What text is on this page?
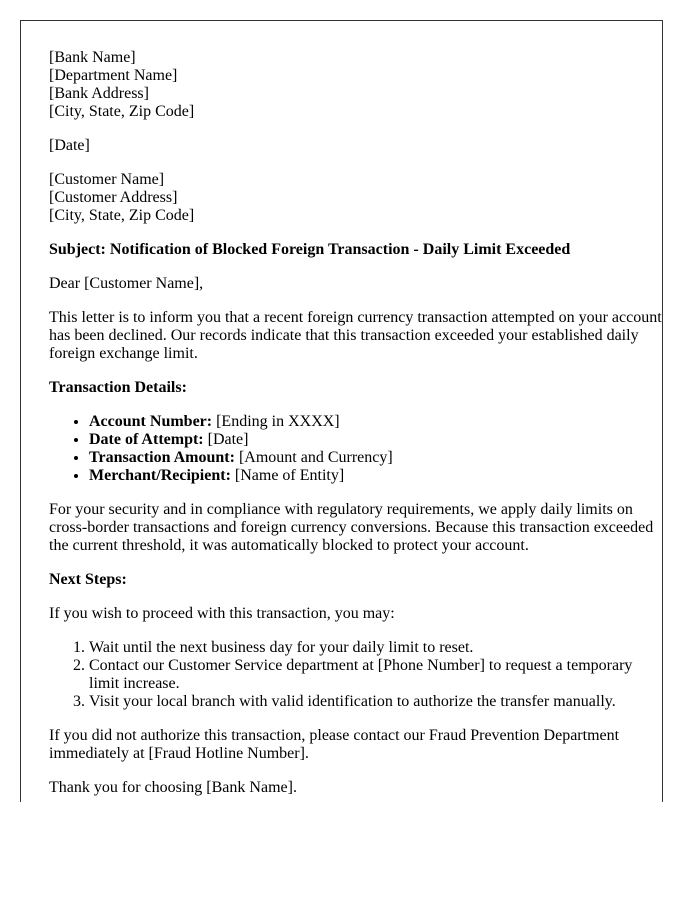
[Bank Name]
[Department Name]
[Bank Address]
[City, State, Zip Code]

[Date]

[Customer Name]
[Customer Address]
[City, State, Zip Code]

Subject: Notification of Blocked Foreign Transaction - Daily Limit Exceeded

Dear [Customer Name],

This letter is to inform you that a recent foreign currency transaction attempted on your account has been declined. Our records indicate that this transaction exceeded your established daily foreign exchange limit.

Transaction Details:

• Account Number: [Ending in XXXX]
• Date of Attempt: [Date]
• Transaction Amount: [Amount and Currency]
• Merchant/Recipient: [Name of Entity]

For your security and in compliance with regulatory requirements, we apply daily limits on cross-border transactions and foreign currency conversions. Because this transaction exceeded the current threshold, it was automatically blocked to protect your account.

Next Steps:

If you wish to proceed with this transaction, you may:

1. Wait until the next business day for your daily limit to reset.
2. Contact our Customer Service department at [Phone Number] to request a temporary limit increase.
3. Visit your local branch with valid identification to authorize the transfer manually.

If you did not authorize this transaction, please contact our Fraud Prevention Department immediately at [Fraud Hotline Number].

Thank you for choosing [Bank Name].
